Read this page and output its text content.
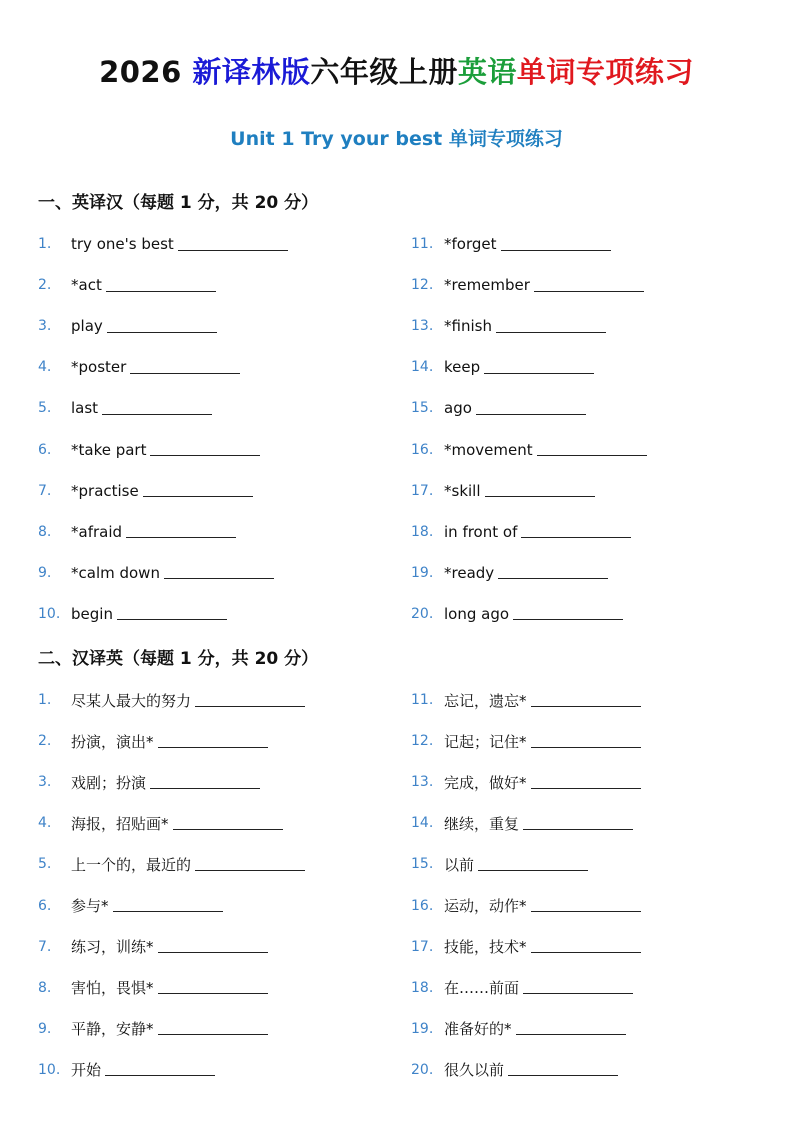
2026 新译林版六年级上册英语单词专项练习
Unit 1 Try your best 单词专项练习
一、英译汉（每题 1 分，共 20 分）
1.	try one's best
2.	*act
3.	play
4.	*poster
5.	last
6.	*take part
7.	*practise
8.	*afraid
9.	*calm down
10. begin
11. *forget
12. *remember
13. *finish
14. keep
15. ago
16. *movement
17. *skill
18. in front of
19. *ready
20. long ago
二、汉译英（每题 1 分，共 20 分）
1.	尽某人最大的努力
2.	扮演，演出*
3.	戏剧；扮演
4.	海报，招贴画*
5.	上一个的，最近的
6.	参与*
7.	练习，训练*
8.	害怕，畏惧*
9.	平静，安静*
10. 开始
11. 忘记，遗忘*
12. 记起；记住*
13. 完成，做好*
14. 继续，重复
15. 以前
16. 运动，动作*
17. 技能，技术*
18. 在……前面
19. 准备好的*
20. 很久以前
